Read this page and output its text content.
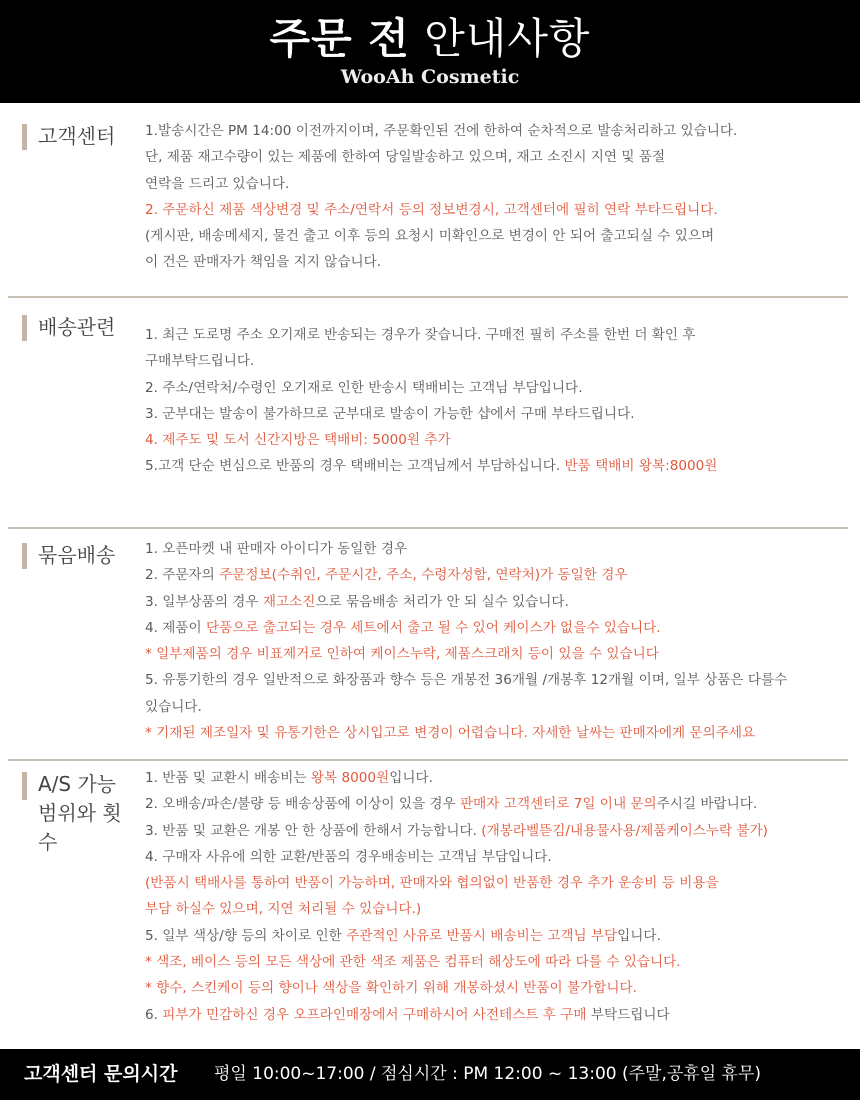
주문 전 안내사항
WooAh Cosmetic
고객센터 1.발송시간은 PM 14:00 이전까지이며, 주문확인된 건에 한하여 순차적으로 발송처리하고 있습니다.
단, 제품 재고수량이 있는 제품에 한하여 당일발송하고 있으며, 재고 소진시 지연 및 품절
연락을 드리고 있습니다.
2. 주문하신 제품 색상변경 및 주소/연락서 등의 정보변경시, 고객센터에 필히 연락 부타드립니다.
(게시판, 배송메세지, 물건 출고 이후 등의 요청시 미확인으로 변경이 안 되어 출고되실 수 있으며
이 건은 판매자가 책임을 지지 않습니다.
배송관련 1. 최근 도로명 주소 오기재로 반송되는 경우가 잦습니다. 구매전 필히 주소를 한번 더 확인 후
구매부탁드립니다.
2. 주소/연락처/수령인 오기재로 인한 반송시 택배비는 고객님 부담입니다.
3. 군부대는 발송이 불가하므로 군부대로 발송이 가능한 샵에서 구매 부타드립니다.
4. 제주도 및 도서 신간지방은 택배비: 5000원 추가
5.고객 단순 변심으로 반품의 경우 택배비는 고객님께서 부담하십니다. 반품 택배비 왕복:8000원
묶음배송 1. 오픈마켓 내 판매자 아이디가 동일한 경우
2. 주문자의 주문정보(수취인, 주문시간, 주소, 수령자성함, 연락처)가 동일한 경우
3. 일부상품의 경우 재고소진으로 묶음배송 처리가 안 되 실수 있습니다.
4. 제품이 단품으로 출고되는 경우 세트에서 출고 될 수 있어 케이스가 없을수 있습니다.
* 일부제품의 경우 비표제거로 인하여 케이스누락, 제품스크래치 등이 있을 수 있습니다
5. 유통기한의 경우 일반적으로 화장품과 향수 등은 개봉전 36개월 /개봉후 12개월 이며, 일부 상품은 다를수
있습니다.
* 기재된 제조일자 및 유통기한은 상시입고로 변경이 어렵습니다. 자세한 날싸는 판매자에게 문의주세요
A/S 가능
범위와 횟
수
1. 반품 및 교환시 배송비는 왕복 8000원입니다.
2. 오배송/파손/불량 등 배송상품에 이상이 있을 경우 판매자 고객센터로 7일 이내 문의주시길 바랍니다.
3. 반품 및 교환은 개봉 안 한 상품에 한해서 가능합니다. (개봉라벨뜯김/내용물사용/제품케이스누락 불가)
4. 구매자 사유에 의한 교환/반품의 경우배송비는 고객님 부담입니다.
(반품시 택배사를 통하여 반품이 가능하며, 판매자와 협의없이 반품한 경우 추가 운송비 등 비용을
부담 하실수 있으며, 지연 처리될 수 있습니다.)
5. 일부 색상/향 등의 차이로 인한 주관적인 사유로 반품시 배송비는 고객님 부담입니다.
* 색조, 베이스 등의 모든 색상에 관한 색조 제품은 컴퓨터 해상도에 따라 다를 수 있습니다.
* 향수, 스킨케이 등의 향이나 색상을 확인하기 위해 개봉하셨시 반품이 불가합니다.
6. 피부가 민감하신 경우 오프라인매장에서 구매하시어 사전테스트 후 구매 부탁드립니다
고객센터 문의시간 평일 10:00~17:00 / 점심시간 : PM 12:00 ~ 13:00 (주말,공휴일 휴무)
